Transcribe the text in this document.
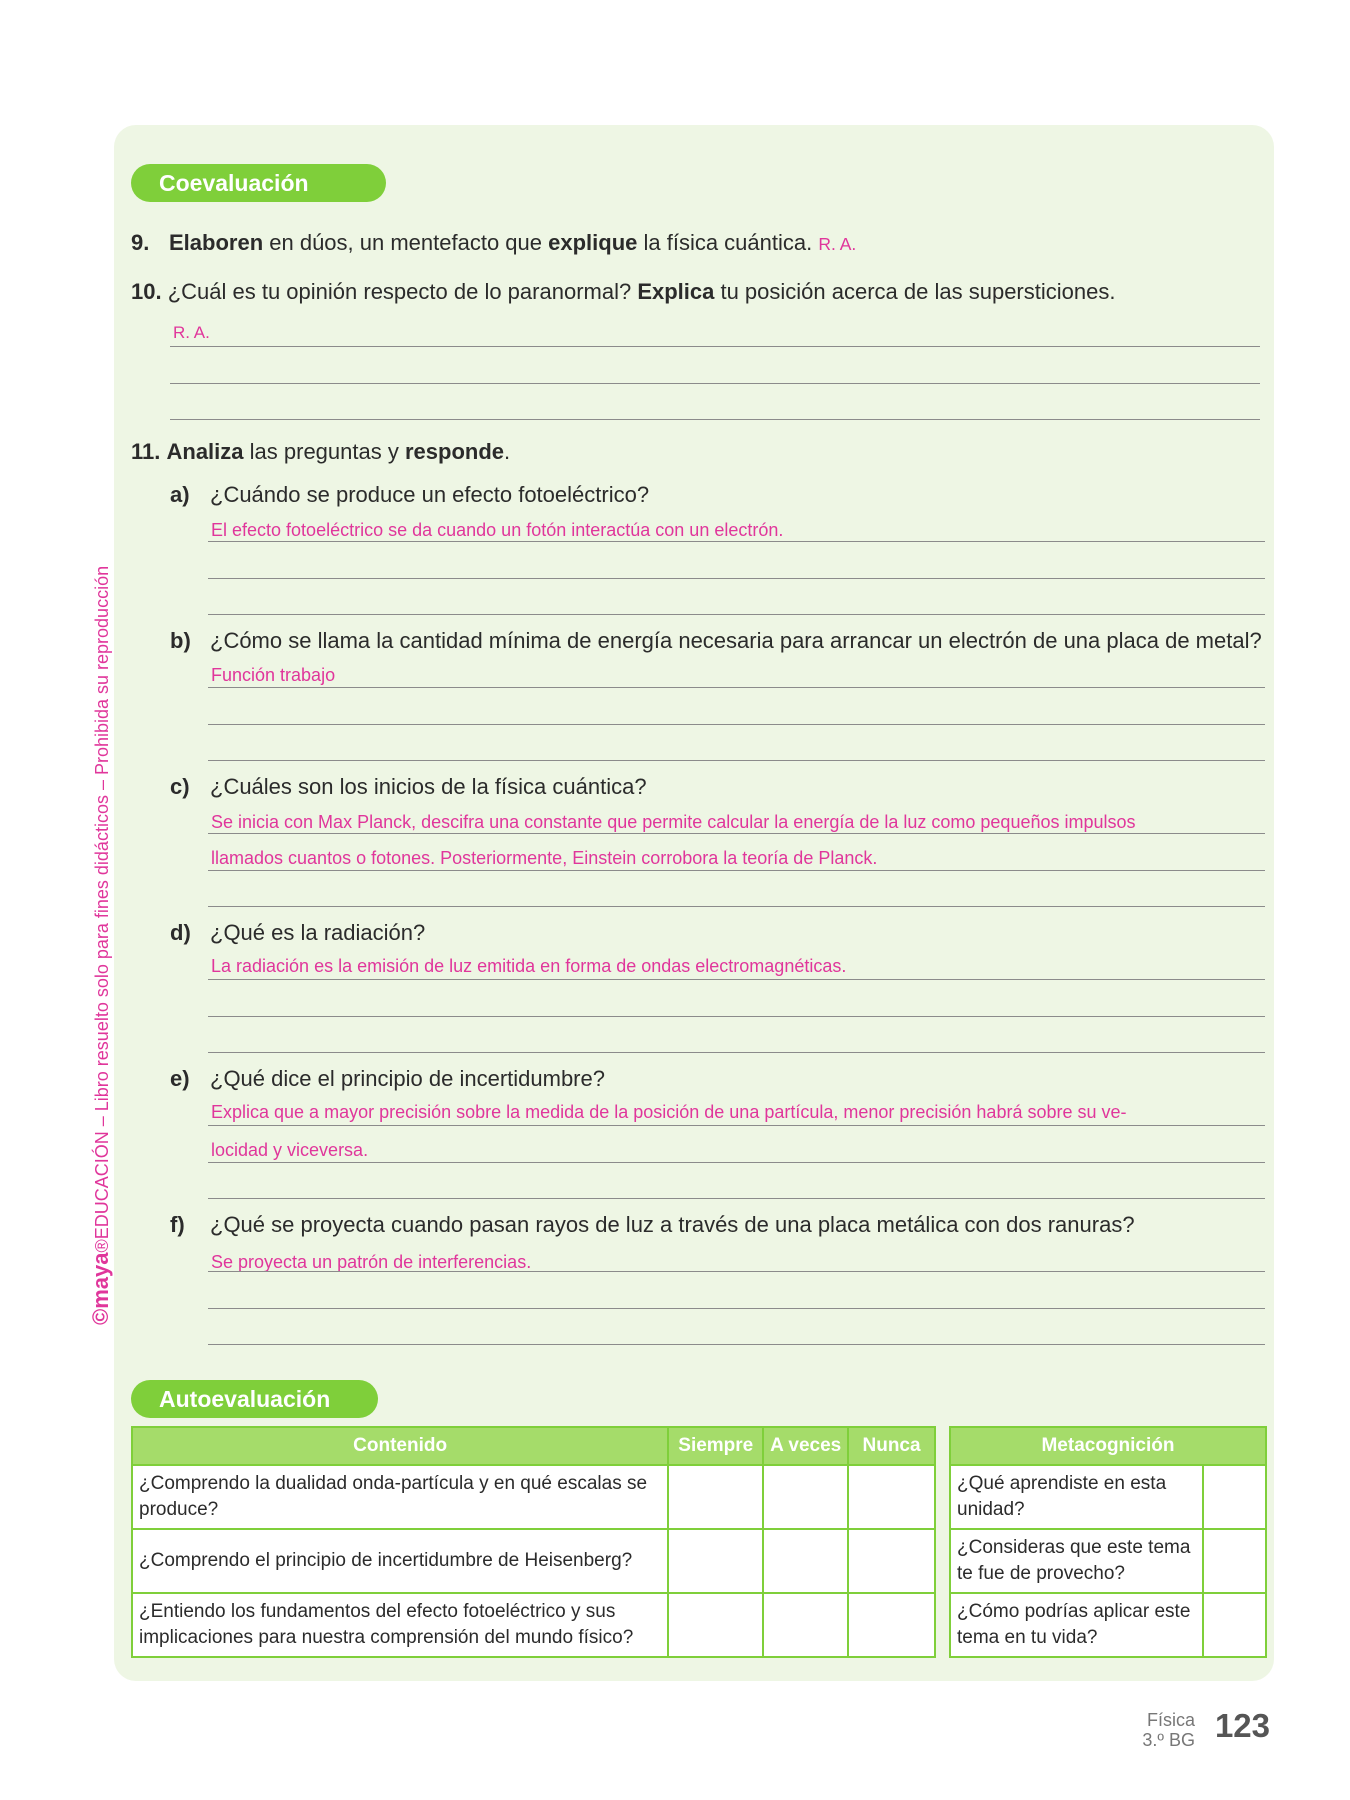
©maya®EDUCACIÓN – Libro resuelto solo para fines didácticos – Prohibida su reproducción
Coevaluación
9. Elaboren en dúos, un mentefacto que explique la física cuántica. R. A.
10. ¿Cuál es tu opinión respecto de lo paranormal? Explica tu posición acerca de las supersticiones.
R. A.
11. Analiza las preguntas y responde.
a) ¿Cuándo se produce un efecto fotoeléctrico?
El efecto fotoeléctrico se da cuando un fotón interactúa con un electrón.
b) ¿Cómo se llama la cantidad mínima de energía necesaria para arrancar un electrón de una placa de metal?
Función trabajo
c) ¿Cuáles son los inicios de la física cuántica?
Se inicia con Max Planck, descifra una constante que permite calcular la energía de la luz como pequeños impulsos
llamados cuantos o fotones. Posteriormente, Einstein corrobora la teoría de Planck.
d) ¿Qué es la radiación?
La radiación es la emisión de luz emitida en forma de ondas electromagnéticas.
e) ¿Qué dice el principio de incertidumbre?
Explica que a mayor precisión sobre la medida de la posición de una partícula, menor precisión habrá sobre su ve-
locidad y viceversa.
f) ¿Qué se proyecta cuando pasan rayos de luz a través de una placa metálica con dos ranuras?
Se proyecta un patrón de interferencias.
Autoevaluación
Contenido	Siempre	A veces	Nunca
¿Comprendo la dualidad onda-partícula y en qué escalas se produce?			
¿Comprendo el principio de incertidumbre de Heisenberg?			
¿Entiendo los fundamentos del efecto fotoeléctrico y sus implicaciones para nuestra comprensión del mundo físico?			
Metacognición	
¿Qué aprendiste en esta unidad?	
¿Consideras que este tema te fue de provecho?	
¿Cómo podrías aplicar este tema en tu vida?	
Física
3.º BG 123
